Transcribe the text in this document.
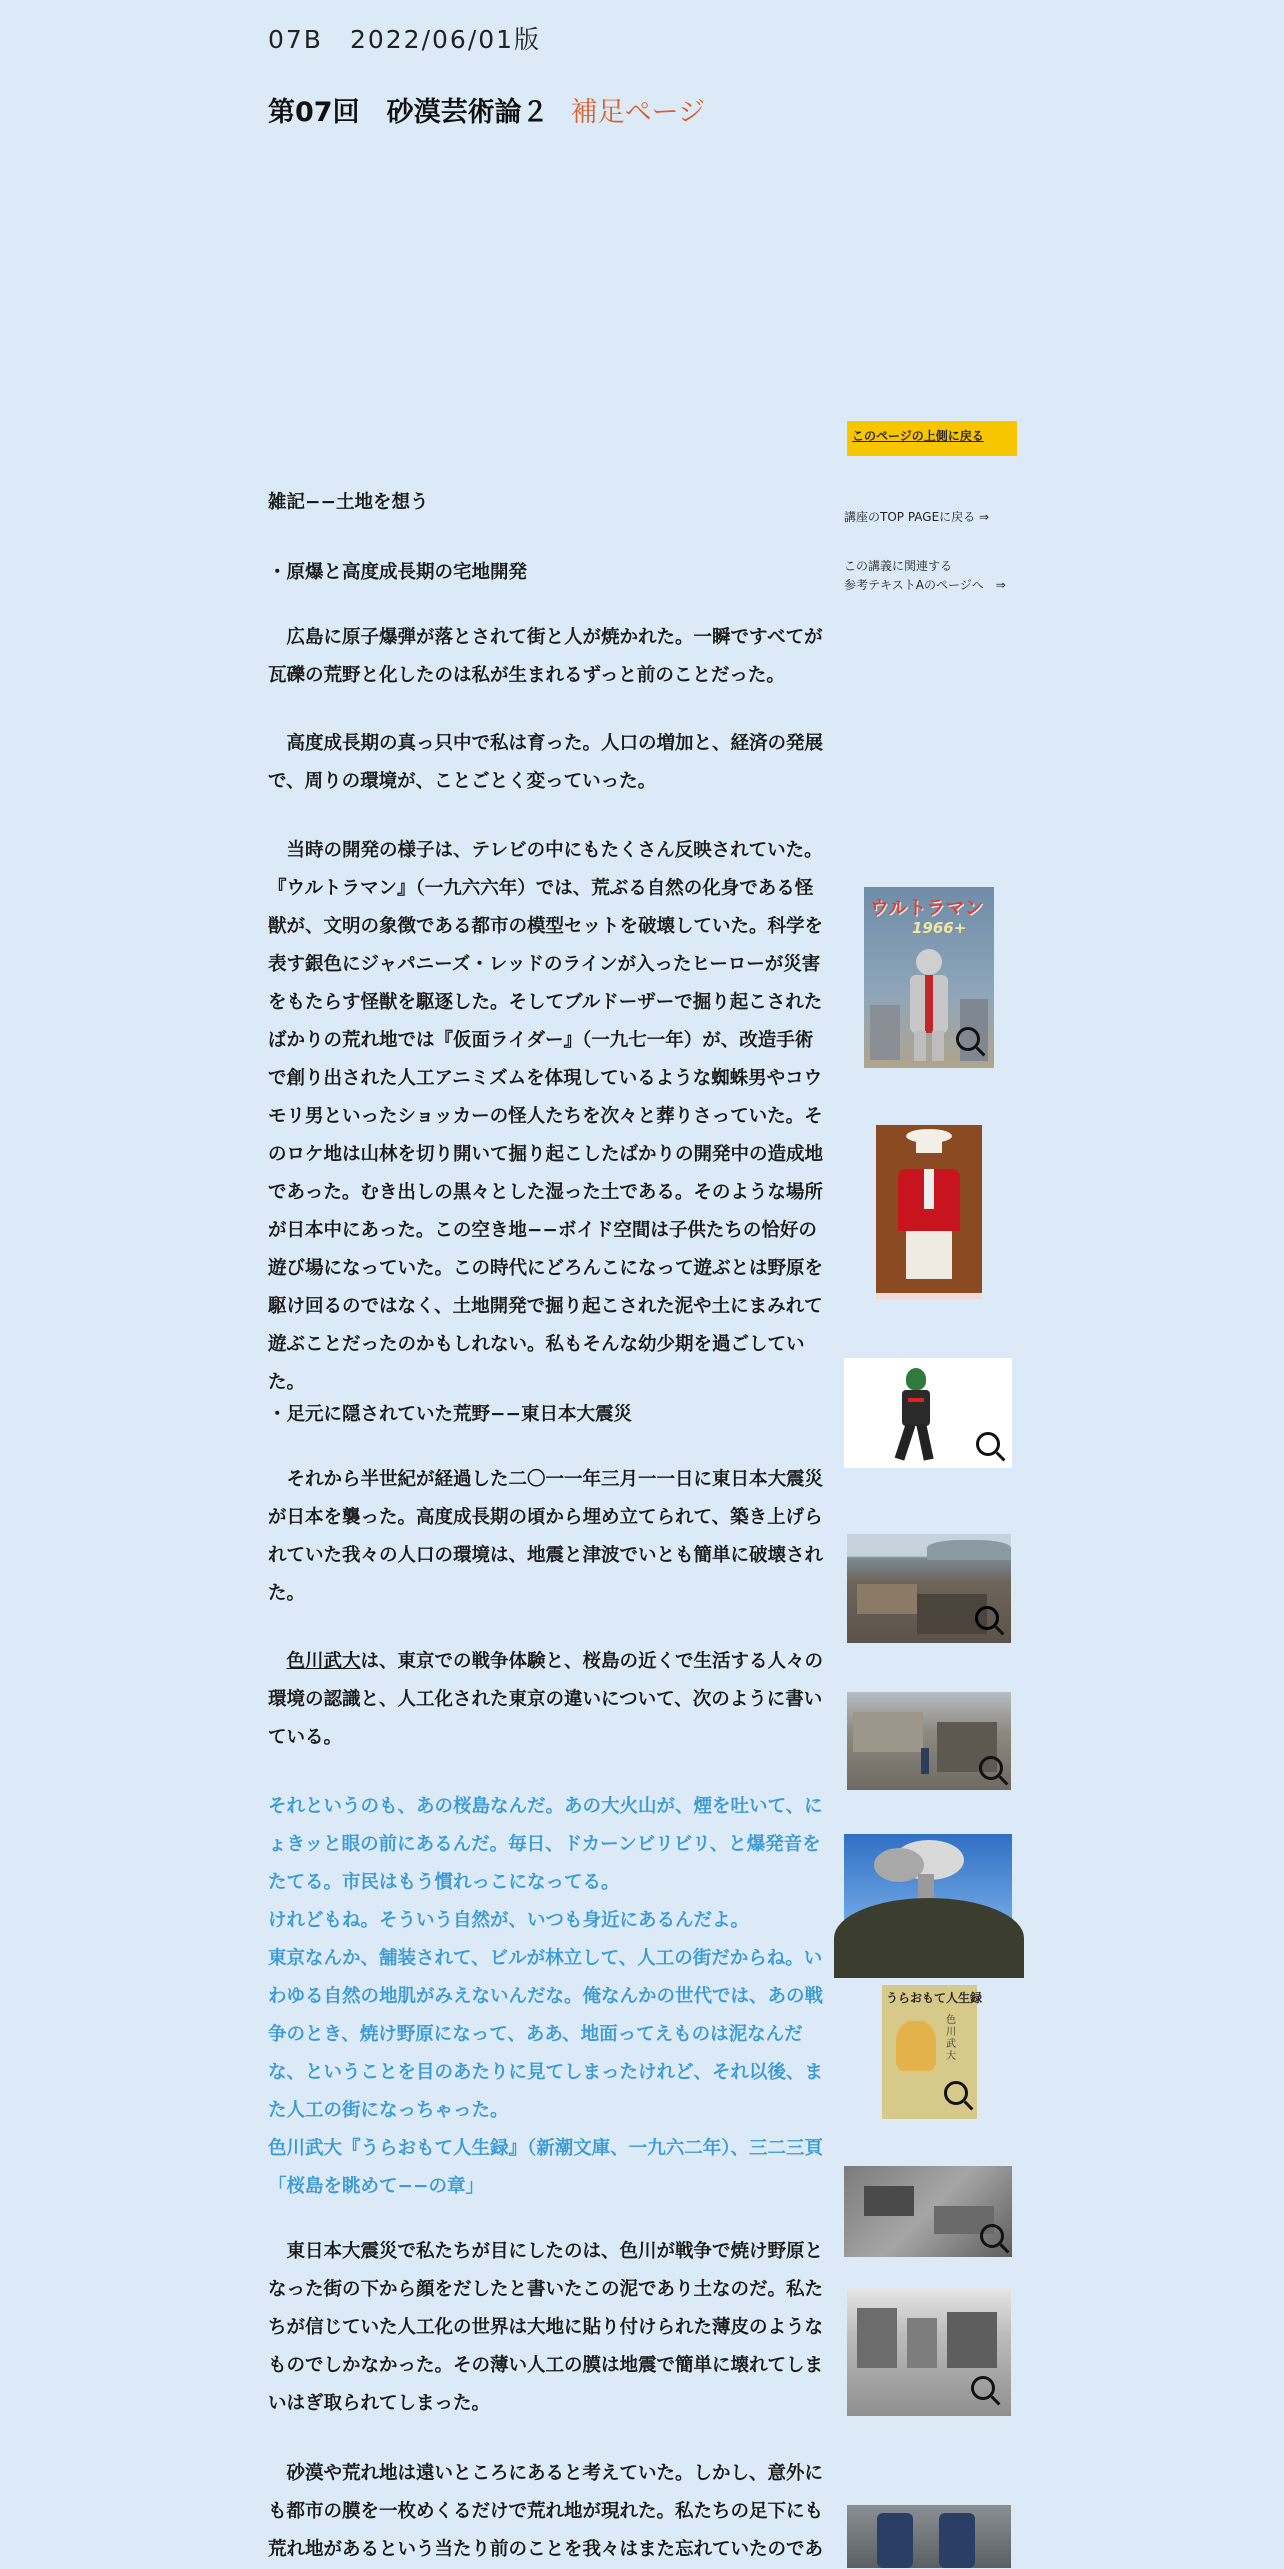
07B　2022/06/01版
第07回　砂漠芸術論２ 補足ページ
このページの上側に戻る
講座のTOP PAGEに戻る ⇒
この講義に関連する
参考テキストAのページへ　⇒
雑記−−土地を想う
・原爆と高度成長期の宅地開発

広島に原子爆弾が落とされて街と人が焼かれた。一瞬ですべてが瓦礫の荒野と化したのは私が生まれるずっと前のことだった。

高度成長期の真っ只中で私は育った。人口の増加と、経済の発展で、周りの環境が、ことごとく変っていった。

当時の開発の様子は、テレビの中にもたくさん反映されていた。『ウルトラマン』（一九六六年）では、荒ぶる自然の化身である怪獣が、文明の象徴である都市の模型セットを破壊していた。科学を表す銀色にジャパニーズ・レッドのラインが入ったヒーローが災害をもたらす怪獣を駆逐した。そしてブルドーザーで掘り起こされたばかりの荒れ地では『仮面ライダー』（一九七一年）が、改造手術で創り出された人工アニミズムを体現しているような蜘蛛男やコウモリ男といったショッカーの怪人たちを次々と葬りさっていた。そのロケ地は山林を切り開いて掘り起こしたばかりの開発中の造成地であった。むき出しの黒々とした湿った土である。そのような場所が日本中にあった。この空き地−−ボイド空間は子供たちの恰好の遊び場になっていた。この時代にどろんこになって遊ぶとは野原を駆け回るのではなく、土地開発で掘り起こされた泥や土にまみれて遊ぶことだったのかもしれない。私もそんな幼少期を過ごしていた。

・足元に隠されていた荒野−−東日本大震災

それから半世紀が経過した二〇一一年三月一一日に東日本大震災が日本を襲った。高度成長期の頃から埋め立てられて、築き上げられていた我々の人口の環境は、地震と津波でいとも簡単に破壊された。

色川武大は、東京での戦争体験と、桜島の近くで生活する人々の環境の認識と、人工化された東京の違いについて、次のように書いている。

それというのも、あの桜島なんだ。あの大火山が、煙を吐いて、にょきッと眼の前にあるんだ。毎日、ドカーンビリビリ、と爆発音をたてる。市民はもう慣れっこになってる。

けれどもね。そういう自然が、いつも身近にあるんだよ。

東京なんか、舗装されて、ビルが林立して、人工の街だからね。いわゆる自然の地肌がみえないんだな。俺なんかの世代では、あの戦争のとき、焼け野原になって、ああ、地面ってえものは泥なんだな、ということを目のあたりに見てしまったけれど、それ以後、また人工の街になっちゃった。

色川武大『うらおもて人生録』（新潮文庫、一九六二年）、三二三頁「桜島を眺めて−−の章」

東日本大震災で私たちが目にしたのは、色川が戦争で焼け野原となった街の下から顔をだしたと書いたこの泥であり土なのだ。私たちが信じていた人工化の世界は大地に貼り付けられた薄皮のようなものでしかなかった。その薄い人工の膜は地震で簡単に壊れてしまいはぎ取られてしまった。

砂漠や荒れ地は遠いところにあると考えていた。しかし、意外にも都市の膜を一枚めくるだけで荒れ地が現れた。私たちの足下にも荒れ地があるという当たり前のことを我々はまた忘れていたのであ

ウルトラマン
1966+
うらおもて人生録
色川武大
